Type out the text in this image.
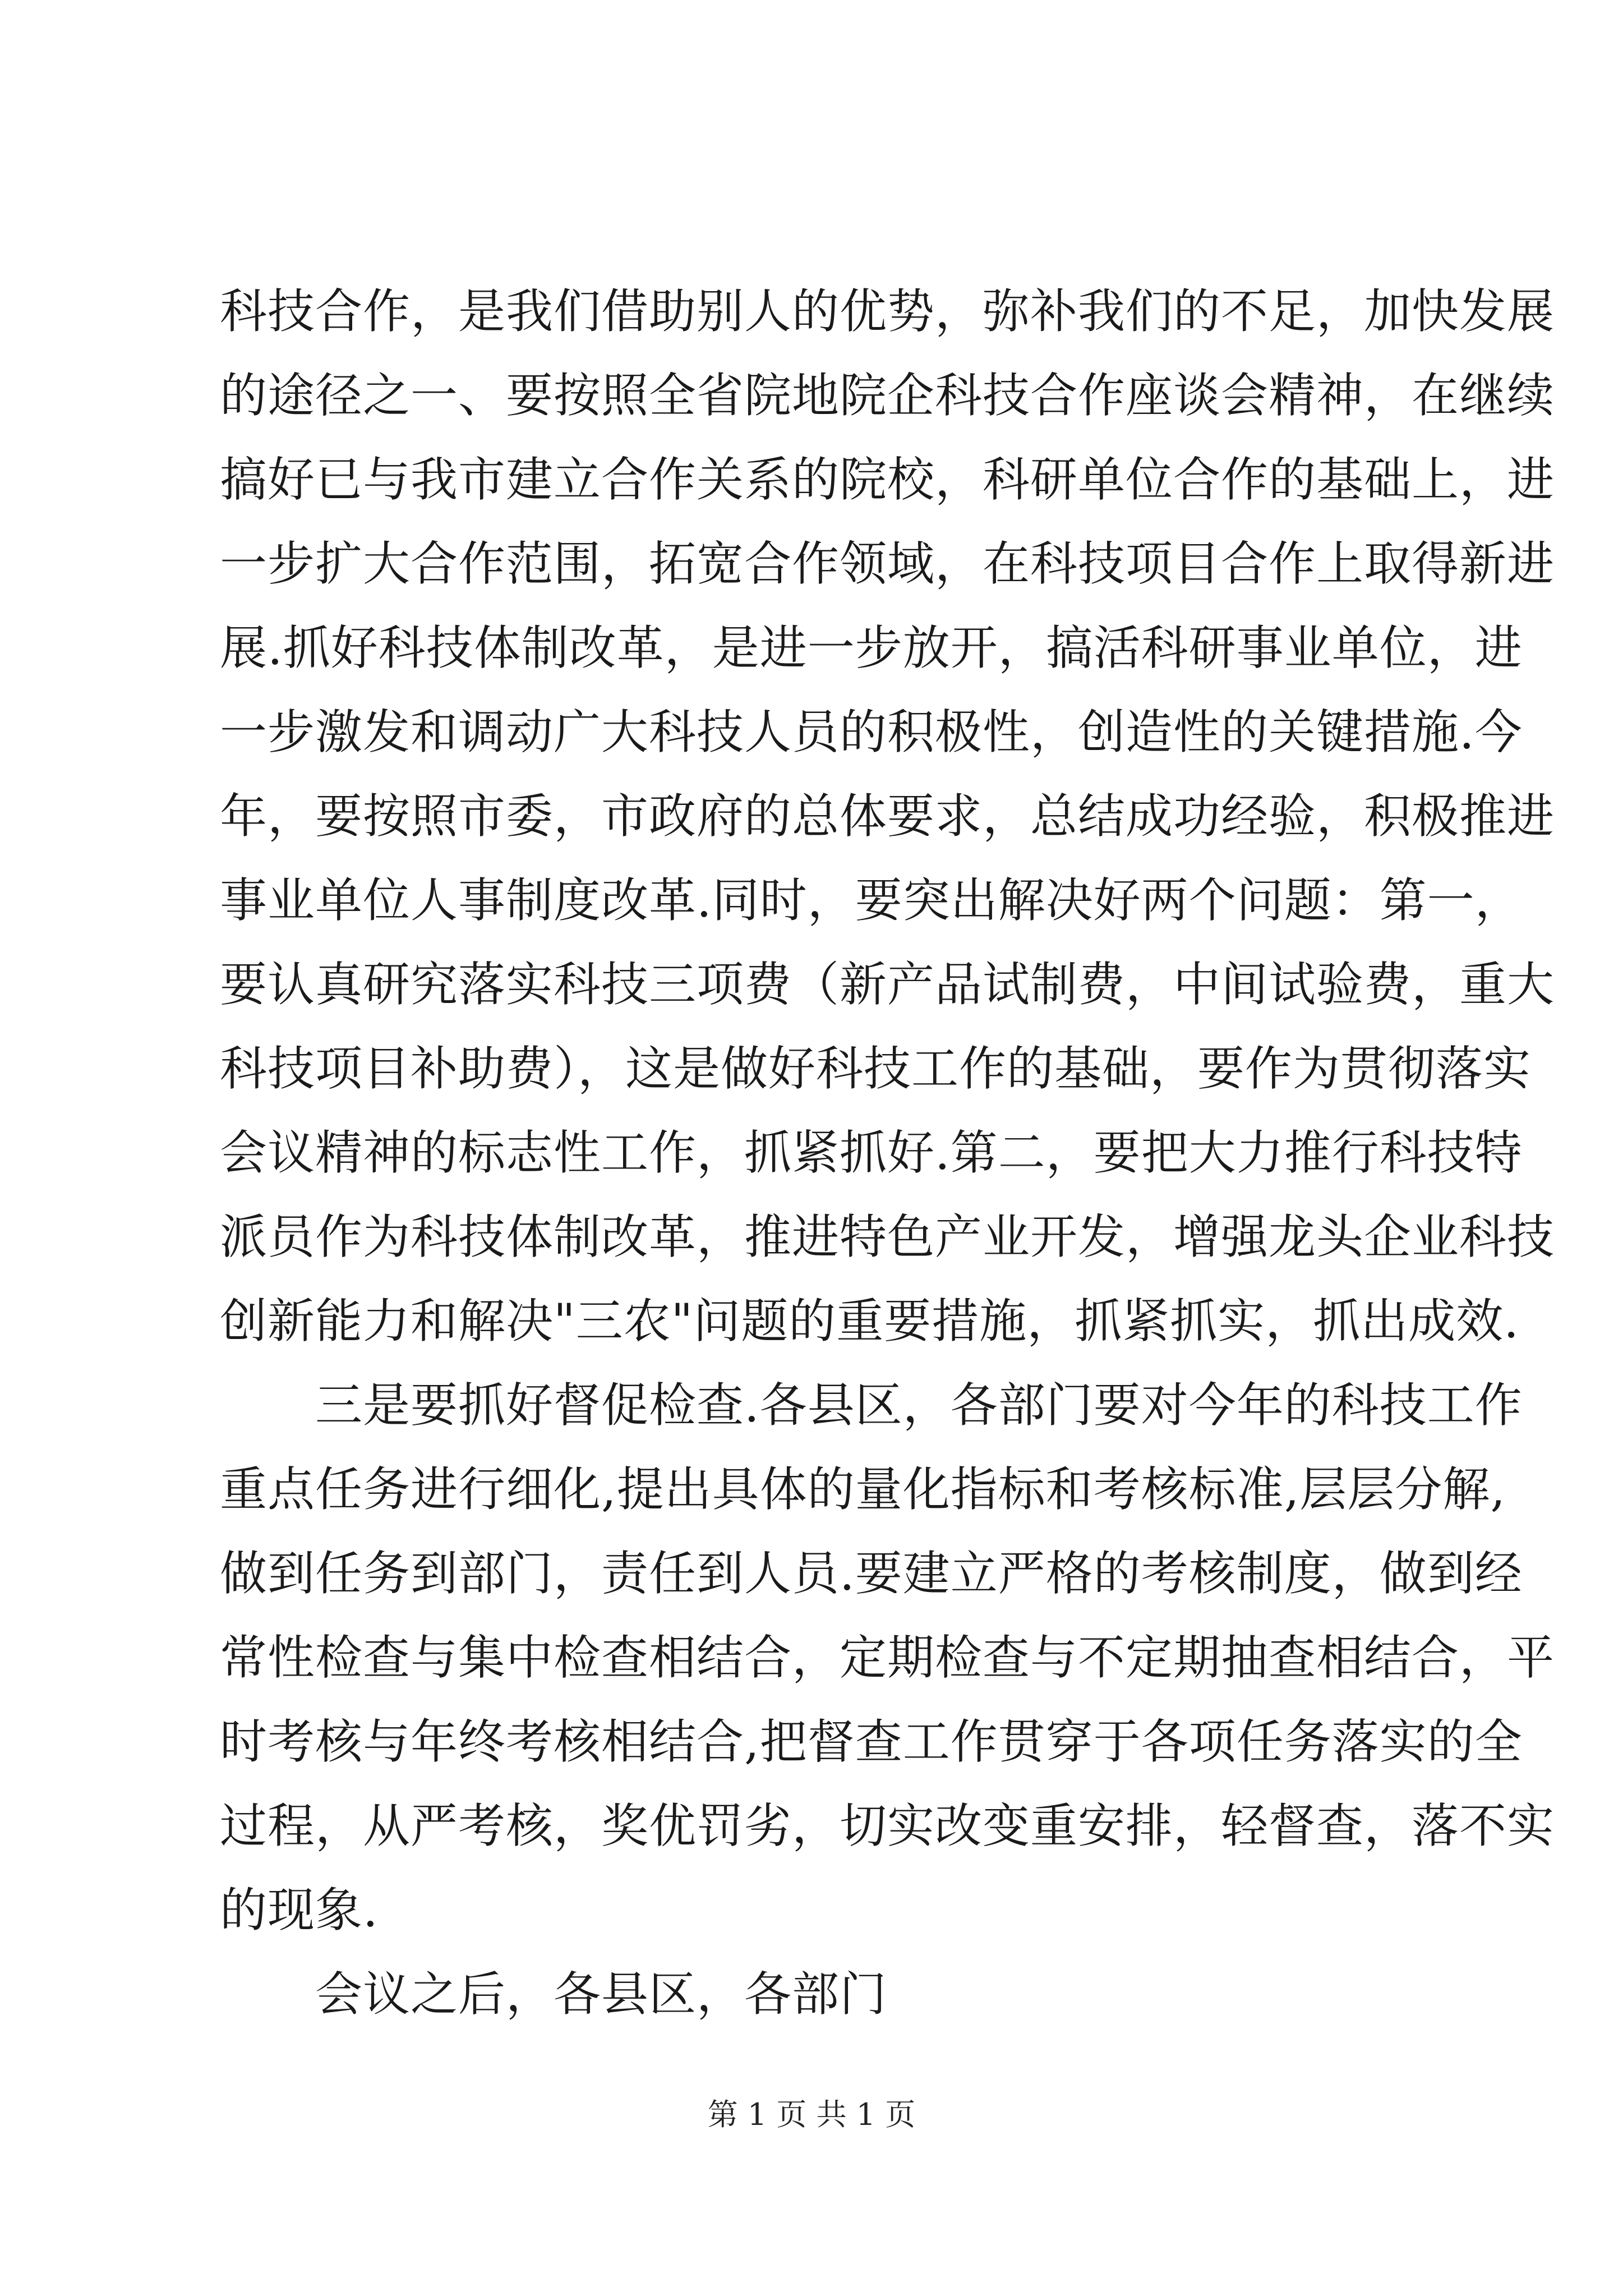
科技合作，是我们借助别人的优势，弥补我们的不足，加快发展
的途径之一、要按照全省院地院企科技合作座谈会精神，在继续
搞好已与我市建立合作关系的院校，科研单位合作的基础上，进
一步扩大合作范围，拓宽合作领域，在科技项目合作上取得新进
展.抓好科技体制改革，是进一步放开，搞活科研事业单位，进
一步激发和调动广大科技人员的积极性，创造性的关键措施.今
年，要按照市委，市政府的总体要求，总结成功经验，积极推进
事业单位人事制度改革.同时，要突出解决好两个问题：第一，
要认真研究落实科技三项费（新产品试制费，中间试验费，重大
科技项目补助费），这是做好科技工作的基础，要作为贯彻落实
会议精神的标志性工作，抓紧抓好.第二，要把大力推行科技特
派员作为科技体制改革，推进特色产业开发，增强龙头企业科技
创新能力和解决"三农"问题的重要措施，抓紧抓实，抓出成效.
三是要抓好督促检查.各县区，各部门要对今年的科技工作
重点任务进行细化,提出具体的量化指标和考核标准,层层分解,
做到任务到部门，责任到人员.要建立严格的考核制度，做到经
常性检查与集中检查相结合，定期检查与不定期抽查相结合，平
时考核与年终考核相结合,把督查工作贯穿于各项任务落实的全
过程，从严考核，奖优罚劣，切实改变重安排，轻督查，落不实
的现象.
会议之后，各县区，各部门
第 1 页 共 1 页
